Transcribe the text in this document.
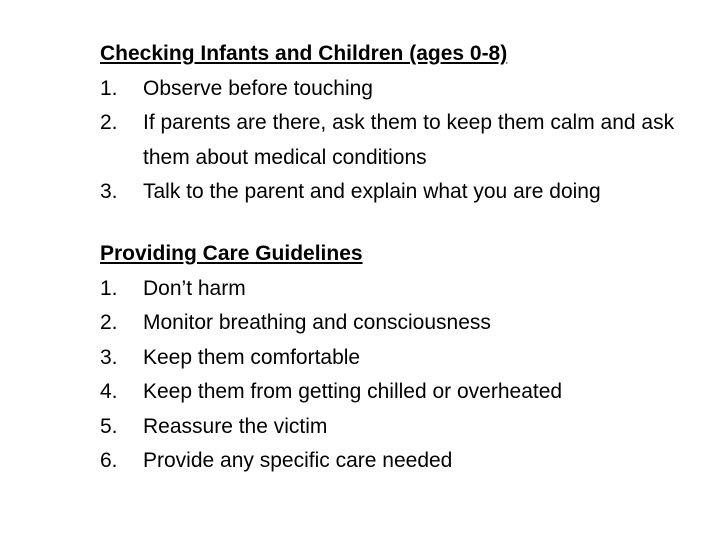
Checking Infants and Children (ages 0-8)
1.	Observe before touching
2.	If parents are there, ask them to keep them calm and ask them about medical conditions
3.	Talk to the parent and explain what you are doing
Providing Care Guidelines
1.	Don’t harm
2.	Monitor breathing and consciousness
3.	Keep them comfortable
4.	Keep them from getting chilled or overheated
5.	Reassure the victim
6.	Provide any specific care needed
